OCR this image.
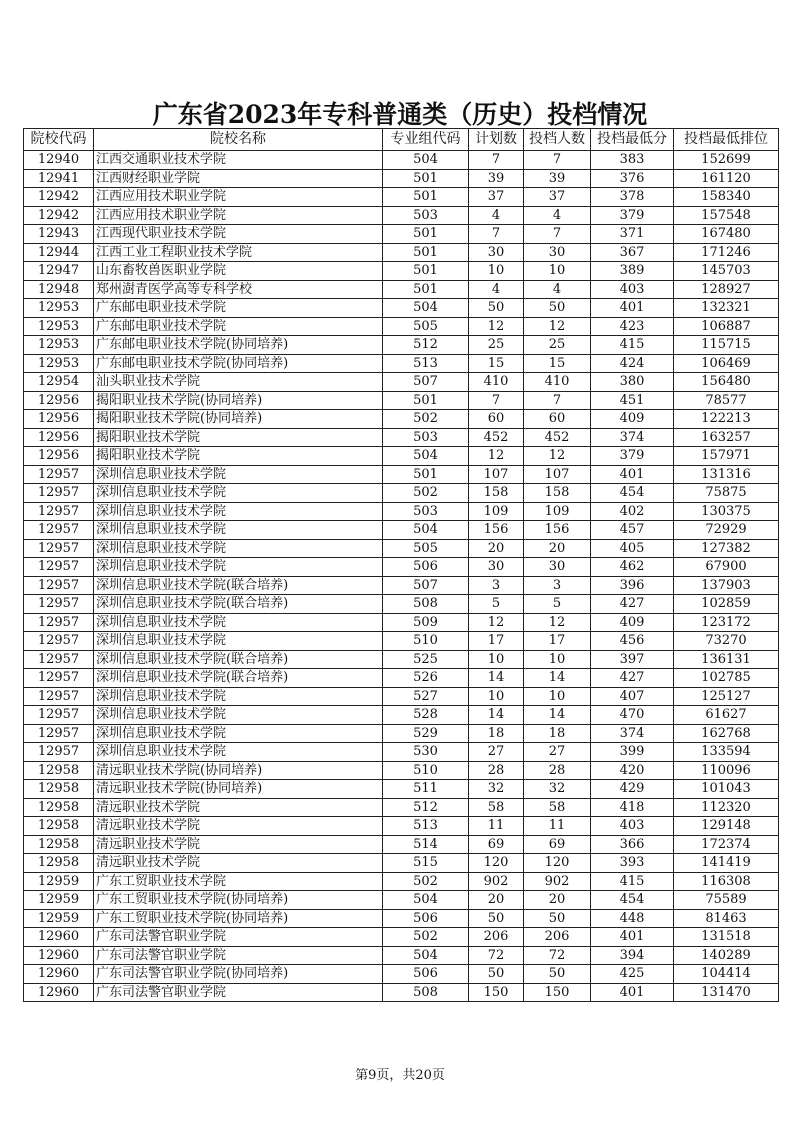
广东省2023年专科普通类（历史）投档情况
院校代码	院校名称	专业组代码	计划数	投档人数	投档最低分	投档最低排位
12940	江西交通职业技术学院	504	7	7	383	152699
12941	江西财经职业学院	501	39	39	376	161120
12942	江西应用技术职业学院	501	37	37	378	158340
12942	江西应用技术职业学院	503	4	4	379	157548
12943	江西现代职业技术学院	501	7	7	371	167480
12944	江西工业工程职业技术学院	501	30	30	367	171246
12947	山东畜牧兽医职业学院	501	10	10	389	145703
12948	郑州澍青医学高等专科学校	501	4	4	403	128927
12953	广东邮电职业技术学院	504	50	50	401	132321
12953	广东邮电职业技术学院	505	12	12	423	106887
12953	广东邮电职业技术学院(协同培养)	512	25	25	415	115715
12953	广东邮电职业技术学院(协同培养)	513	15	15	424	106469
12954	汕头职业技术学院	507	410	410	380	156480
12956	揭阳职业技术学院(协同培养)	501	7	7	451	78577
12956	揭阳职业技术学院(协同培养)	502	60	60	409	122213
12956	揭阳职业技术学院	503	452	452	374	163257
12956	揭阳职业技术学院	504	12	12	379	157971
12957	深圳信息职业技术学院	501	107	107	401	131316
12957	深圳信息职业技术学院	502	158	158	454	75875
12957	深圳信息职业技术学院	503	109	109	402	130375
12957	深圳信息职业技术学院	504	156	156	457	72929
12957	深圳信息职业技术学院	505	20	20	405	127382
12957	深圳信息职业技术学院	506	30	30	462	67900
12957	深圳信息职业技术学院(联合培养)	507	3	3	396	137903
12957	深圳信息职业技术学院(联合培养)	508	5	5	427	102859
12957	深圳信息职业技术学院	509	12	12	409	123172
12957	深圳信息职业技术学院	510	17	17	456	73270
12957	深圳信息职业技术学院(联合培养)	525	10	10	397	136131
12957	深圳信息职业技术学院(联合培养)	526	14	14	427	102785
12957	深圳信息职业技术学院	527	10	10	407	125127
12957	深圳信息职业技术学院	528	14	14	470	61627
12957	深圳信息职业技术学院	529	18	18	374	162768
12957	深圳信息职业技术学院	530	27	27	399	133594
12958	清远职业技术学院(协同培养)	510	28	28	420	110096
12958	清远职业技术学院(协同培养)	511	32	32	429	101043
12958	清远职业技术学院	512	58	58	418	112320
12958	清远职业技术学院	513	11	11	403	129148
12958	清远职业技术学院	514	69	69	366	172374
12958	清远职业技术学院	515	120	120	393	141419
12959	广东工贸职业技术学院	502	902	902	415	116308
12959	广东工贸职业技术学院(协同培养)	504	20	20	454	75589
12959	广东工贸职业技术学院(协同培养)	506	50	50	448	81463
12960	广东司法警官职业学院	502	206	206	401	131518
12960	广东司法警官职业学院	504	72	72	394	140289
12960	广东司法警官职业学院(协同培养)	506	50	50	425	104414
12960	广东司法警官职业学院	508	150	150	401	131470
第9页，共20页
